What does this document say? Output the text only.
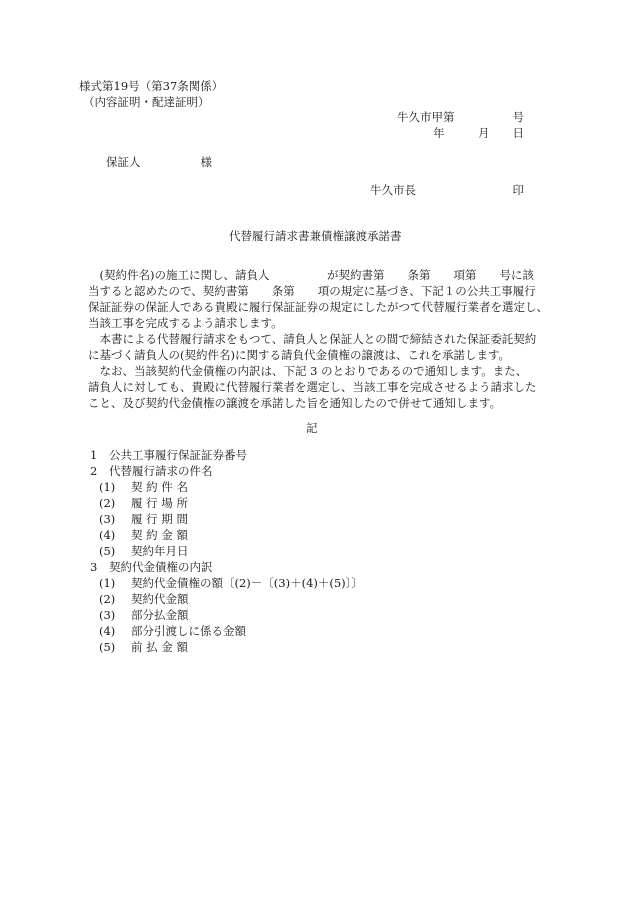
様式第19号（第37条関係）
（内容証明・配達証明）
牛久市甲第	号
年	月 日
保証人	様
牛久市長	印
代替履行請求書兼債権譲渡承諾書
　(契約件名)の施工に関し、請負人　　　　　が契約書第　　条第　　項第　　号に該
当すると認めたので、契約書第　　条第　　項の規定に基づき、下記１の公共工事履行
保証証券の保証人である貴殿に履行保証証券の規定にしたがつて代替履行業者を選定し、
当該工事を完成するよう請求します。
　本書による代替履行請求をもつて、請負人と保証人との間で締結された保証委託契約
に基づく請負人の(契約件名)に関する請負代金債権の譲渡は、これを承諾します。
　なお、当該契約代金債権の内訳は、下記 3 のとおりであるので通知します。また、
請負人に対しても、貴殿に代替履行業者を選定し、当該工事を完成させるよう請求した
こと、及び契約代金債権の譲渡を承諾した旨を通知したので併せて通知します。
記
1 公共工事履行保証証券番号
2 代替履行請求の件名
(1) 契 約 件 名
(2) 履 行 場 所
(3) 履 行 期 間
(4) 契 約 金 額
(5) 契約年月日
3 契約代金債権の内訳
(1) 契約代金債権の額〔(2)－〔(3)＋(4)＋(5)〕〕
(2) 契約代金額
(3) 部分払金額
(4) 部分引渡しに係る金額
(5) 前 払 金 額
